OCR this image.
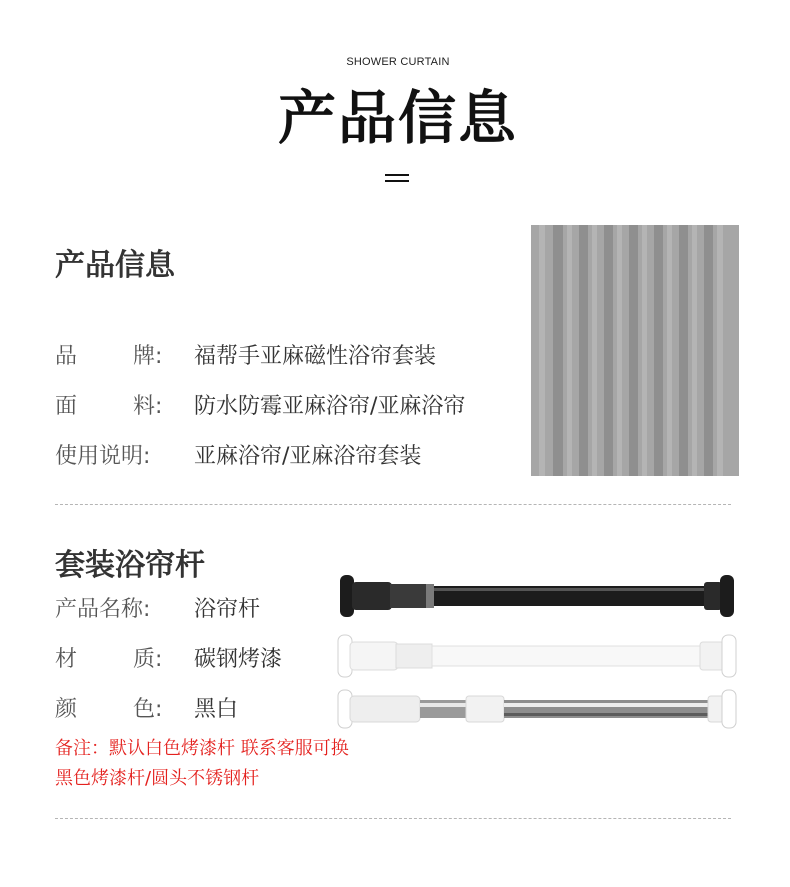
SHOWER CURTAIN
产品信息
产品信息
品        牌: 福帮手亚麻磁性浴帘套装
面        料: 防水防霉亚麻浴帘/亚麻浴帘
使用说明: 亚麻浴帘/亚麻浴帘套装
套装浴帘杆
产品名称: 浴帘杆
材        质: 碳钢烤漆
颜        色: 黑白
备注：默认白色烤漆杆 联系客服可换
黑色烤漆杆/圆头不锈钢杆
